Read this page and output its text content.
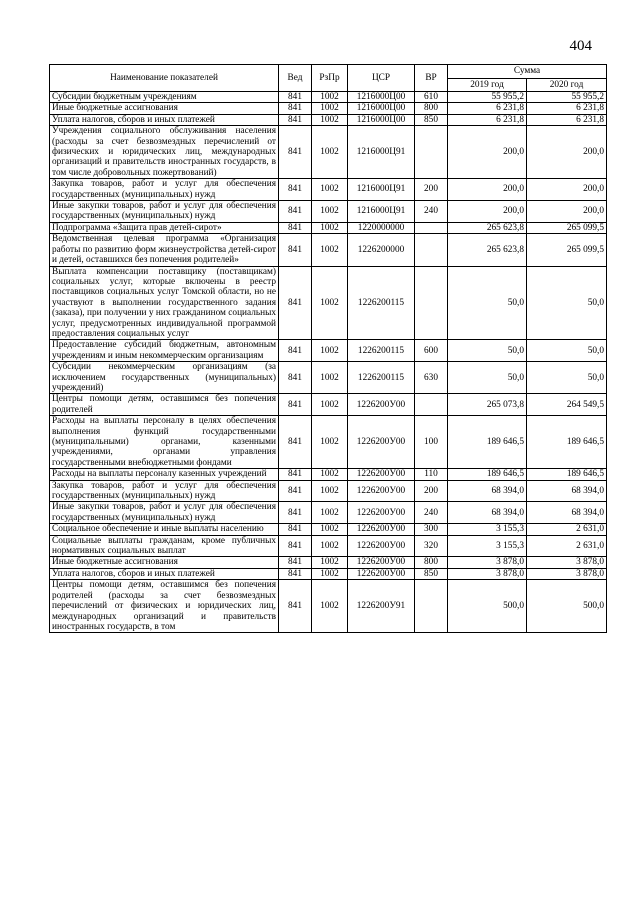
404
Наименование показателей	Вед	РзПр	ЦСР	ВР	Сумма	
					2019 год	2020 год
Субсидии бюджетным учреждениям	841	1002	1216000Ц00	610	55 955,2	55 955,2
Иные бюджетные ассигнования	841	1002	1216000Ц00	800	6 231,8	6 231,8
Уплата налогов, сборов и иных платежей	841	1002	1216000Ц00	850	6 231,8	6 231,8
Учреждения социального обслуживания населения (расходы за счет безвозмездных перечислений от физических и юридических лиц, международных организаций и правительств иностранных государств, в том числе добровольных пожертвований)	841	1002	1216000Ц91		200,0	200,0
Закупка товаров, работ и услуг для обеспечения государственных (муниципальных) нужд	841	1002	1216000Ц91	200	200,0	200,0
Иные закупки товаров, работ и услуг для обеспечения государственных (муниципальных) нужд	841	1002	1216000Ц91	240	200,0	200,0
Подпрограмма «Защита прав детей-сирот»	841	1002	1220000000		265 623,8	265 099,5
Ведомственная целевая программа «Организация работы по развитию форм жизнеустройства детей-сирот и детей, оставшихся без попечения родителей»	841	1002	1226200000		265 623,8	265 099,5
Выплата компенсации поставщику (поставщикам) социальных услуг, которые включены в реестр поставщиков социальных услуг Томской области, но не участвуют в выполнении государственного задания (заказа), при получении у них гражданином социальных услуг, предусмотренных индивидуальной программой предоставления социальных услуг	841	1002	1226200115		50,0	50,0
Предоставление субсидий бюджетным, автономным учреждениям и иным некоммерческим организациям	841	1002	1226200115	600	50,0	50,0
Субсидии некоммерческим организациям (за исключением государственных (муниципальных) учреждений)	841	1002	1226200115	630	50,0	50,0
Центры помощи детям, оставшимся без попечения родителей	841	1002	1226200У00		265 073,8	264 549,5
Расходы на выплаты персоналу в целях обеспечения выполнения функций государственными (муниципальными) органами, казенными учреждениями, органами управления государственными внебюджетными фондами	841	1002	1226200У00	100	189 646,5	189 646,5
Расходы на выплаты персоналу казенных учреждений	841	1002	1226200У00	110	189 646,5	189 646,5
Закупка товаров, работ и услуг для обеспечения государственных (муниципальных) нужд	841	1002	1226200У00	200	68 394,0	68 394,0
Иные закупки товаров, работ и услуг для обеспечения государственных (муниципальных) нужд	841	1002	1226200У00	240	68 394,0	68 394,0
Социальное обеспечение и иные выплаты населению	841	1002	1226200У00	300	3 155,3	2 631,0
Социальные выплаты гражданам, кроме публичных нормативных социальных выплат	841	1002	1226200У00	320	3 155,3	2 631,0
Иные бюджетные ассигнования	841	1002	1226200У00	800	3 878,0	3 878,0
Уплата налогов, сборов и иных платежей	841	1002	1226200У00	850	3 878,0	3 878,0
Центры помощи детям, оставшимся без попечения родителей (расходы за счет безвозмездных перечислений от физических и юридических лиц, международных организаций и правительств иностранных государств, в том	841	1002	1226200У91		500,0	500,0
